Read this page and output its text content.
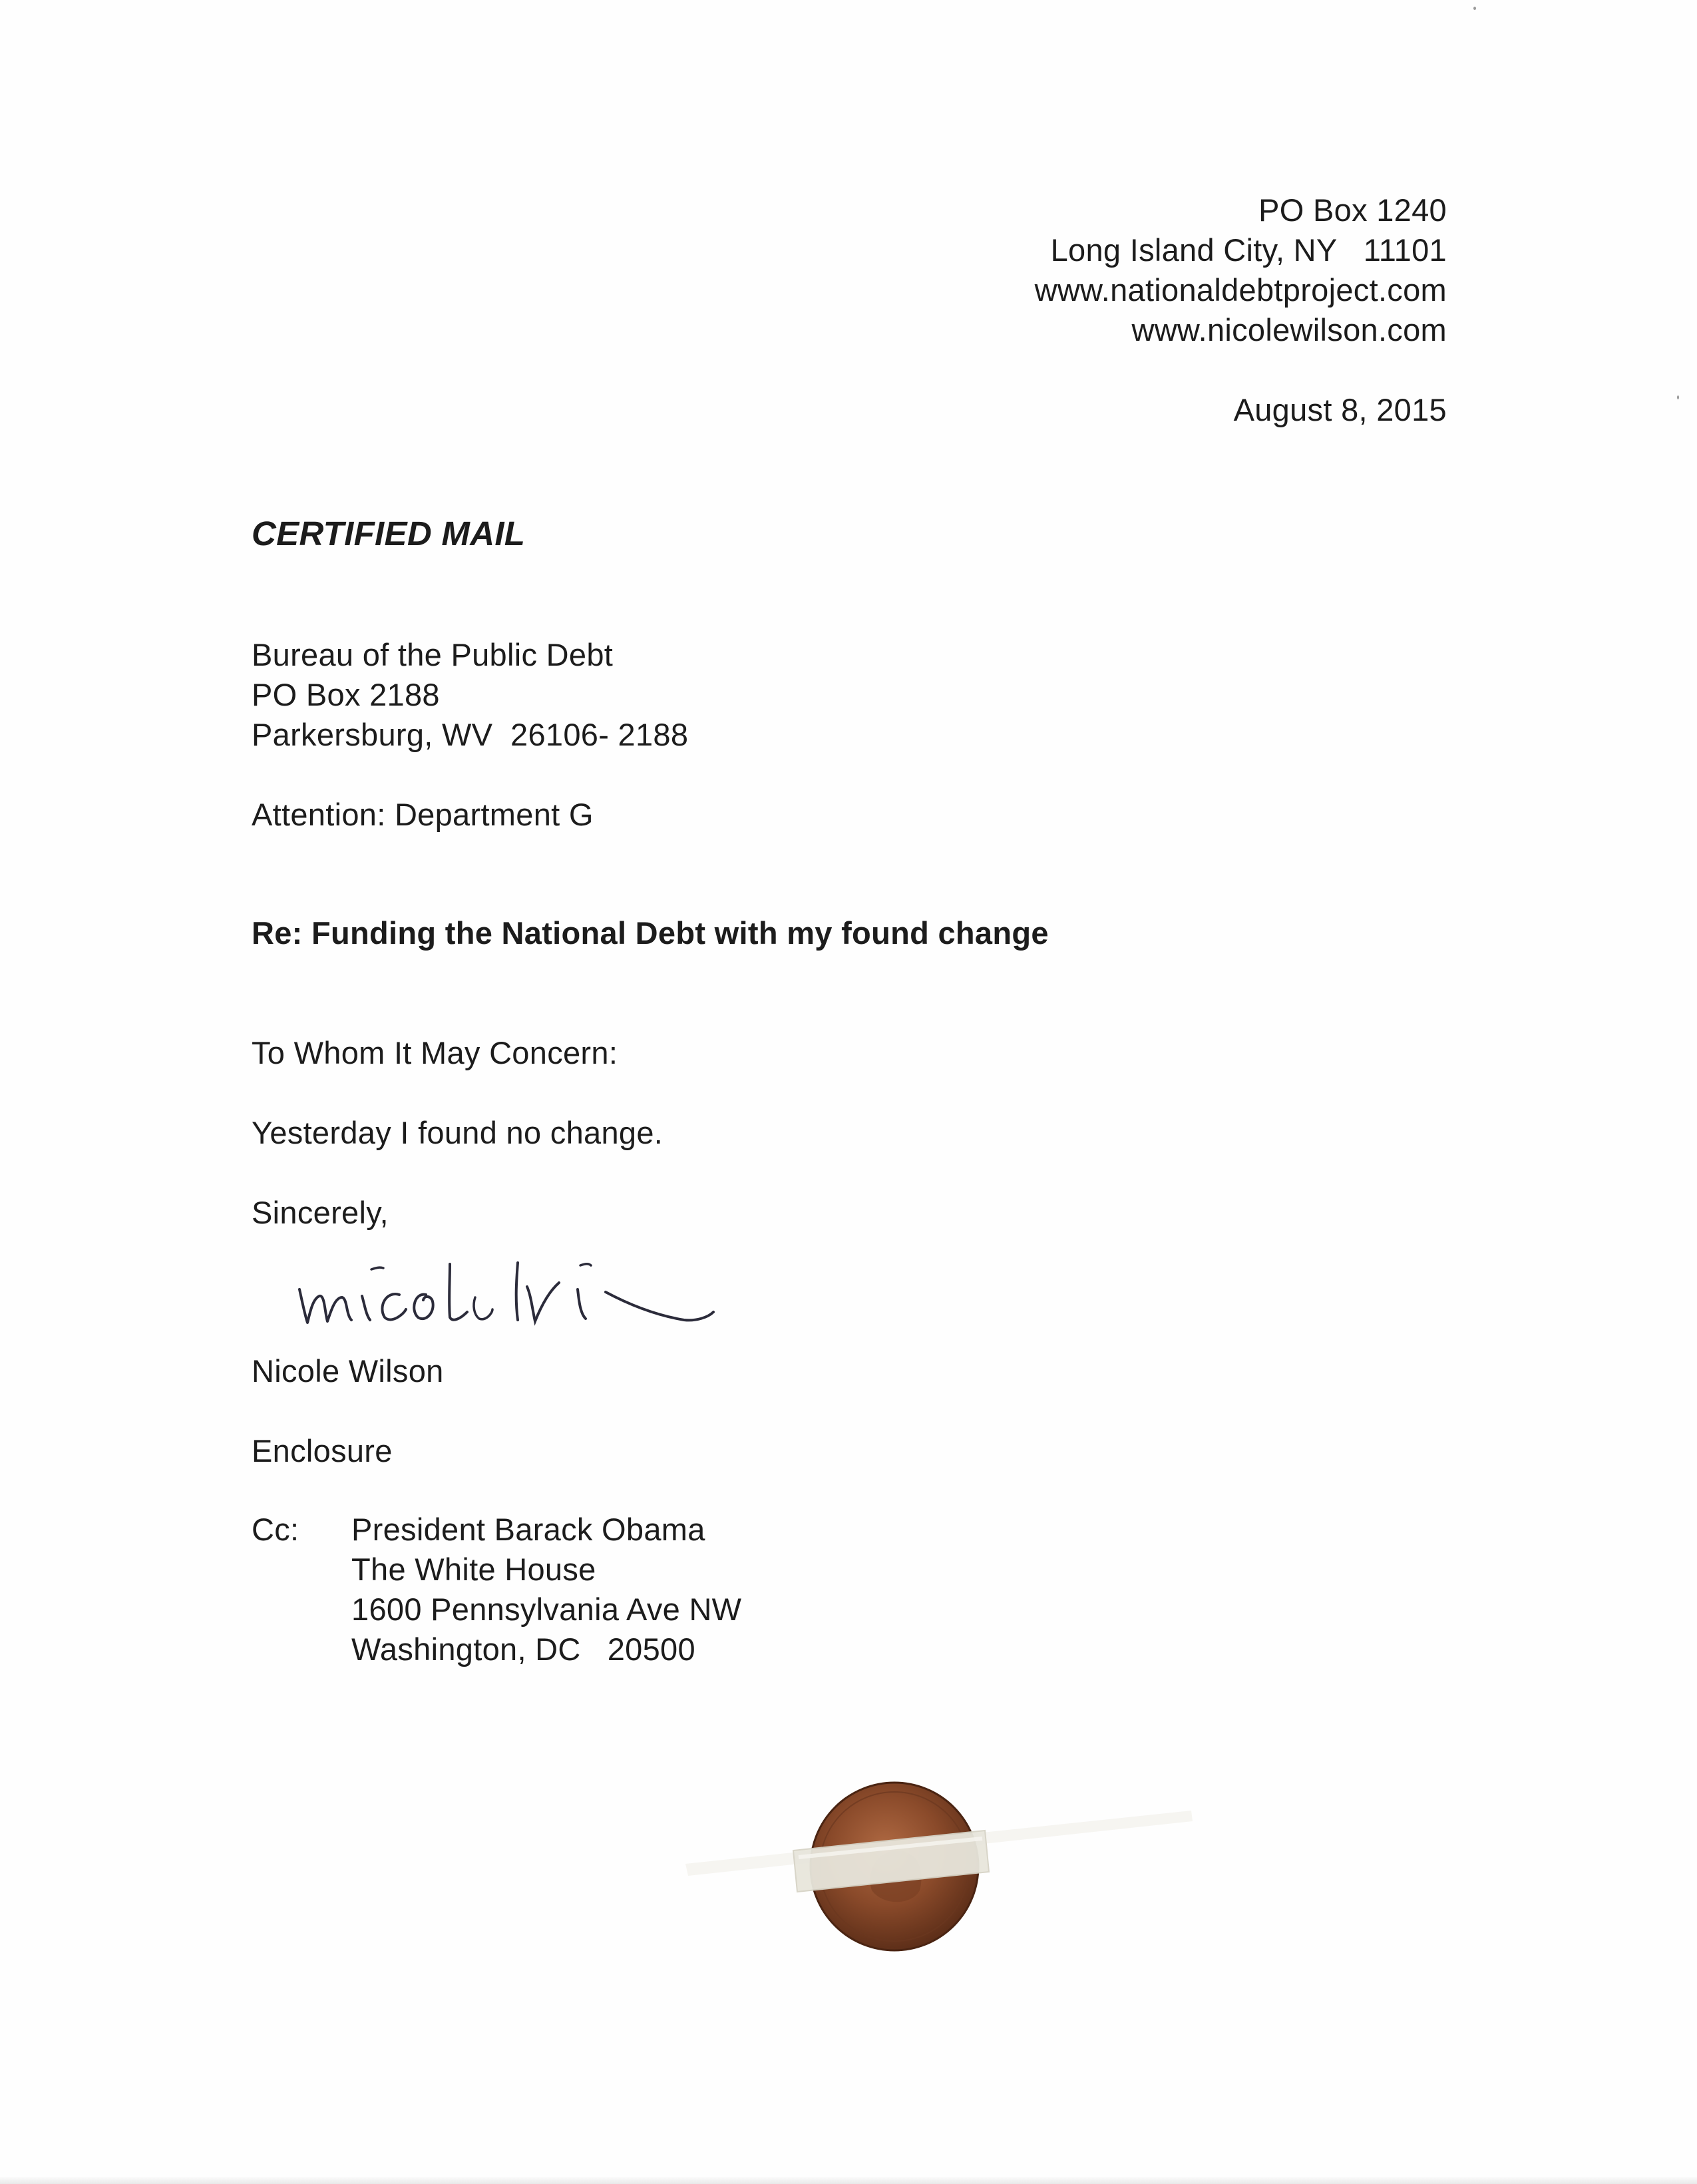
PO Box 1240
Long Island City, NY   11101
www.nationaldebtproject.com
www.nicolewilson.com
August 8, 2015
CERTIFIED MAIL
Bureau of the Public Debt
PO Box 2188
Parkersburg, WV  26106- 2188
Attention: Department G
Re: Funding the National Debt with my found change
To Whom It May Concern:
Yesterday I found no change.
Sincerely,
Nicole Wilson
Enclosure
Cc: President Barack Obama
The White House
1600 Pennsylvania Ave NW
Washington, DC   20500
